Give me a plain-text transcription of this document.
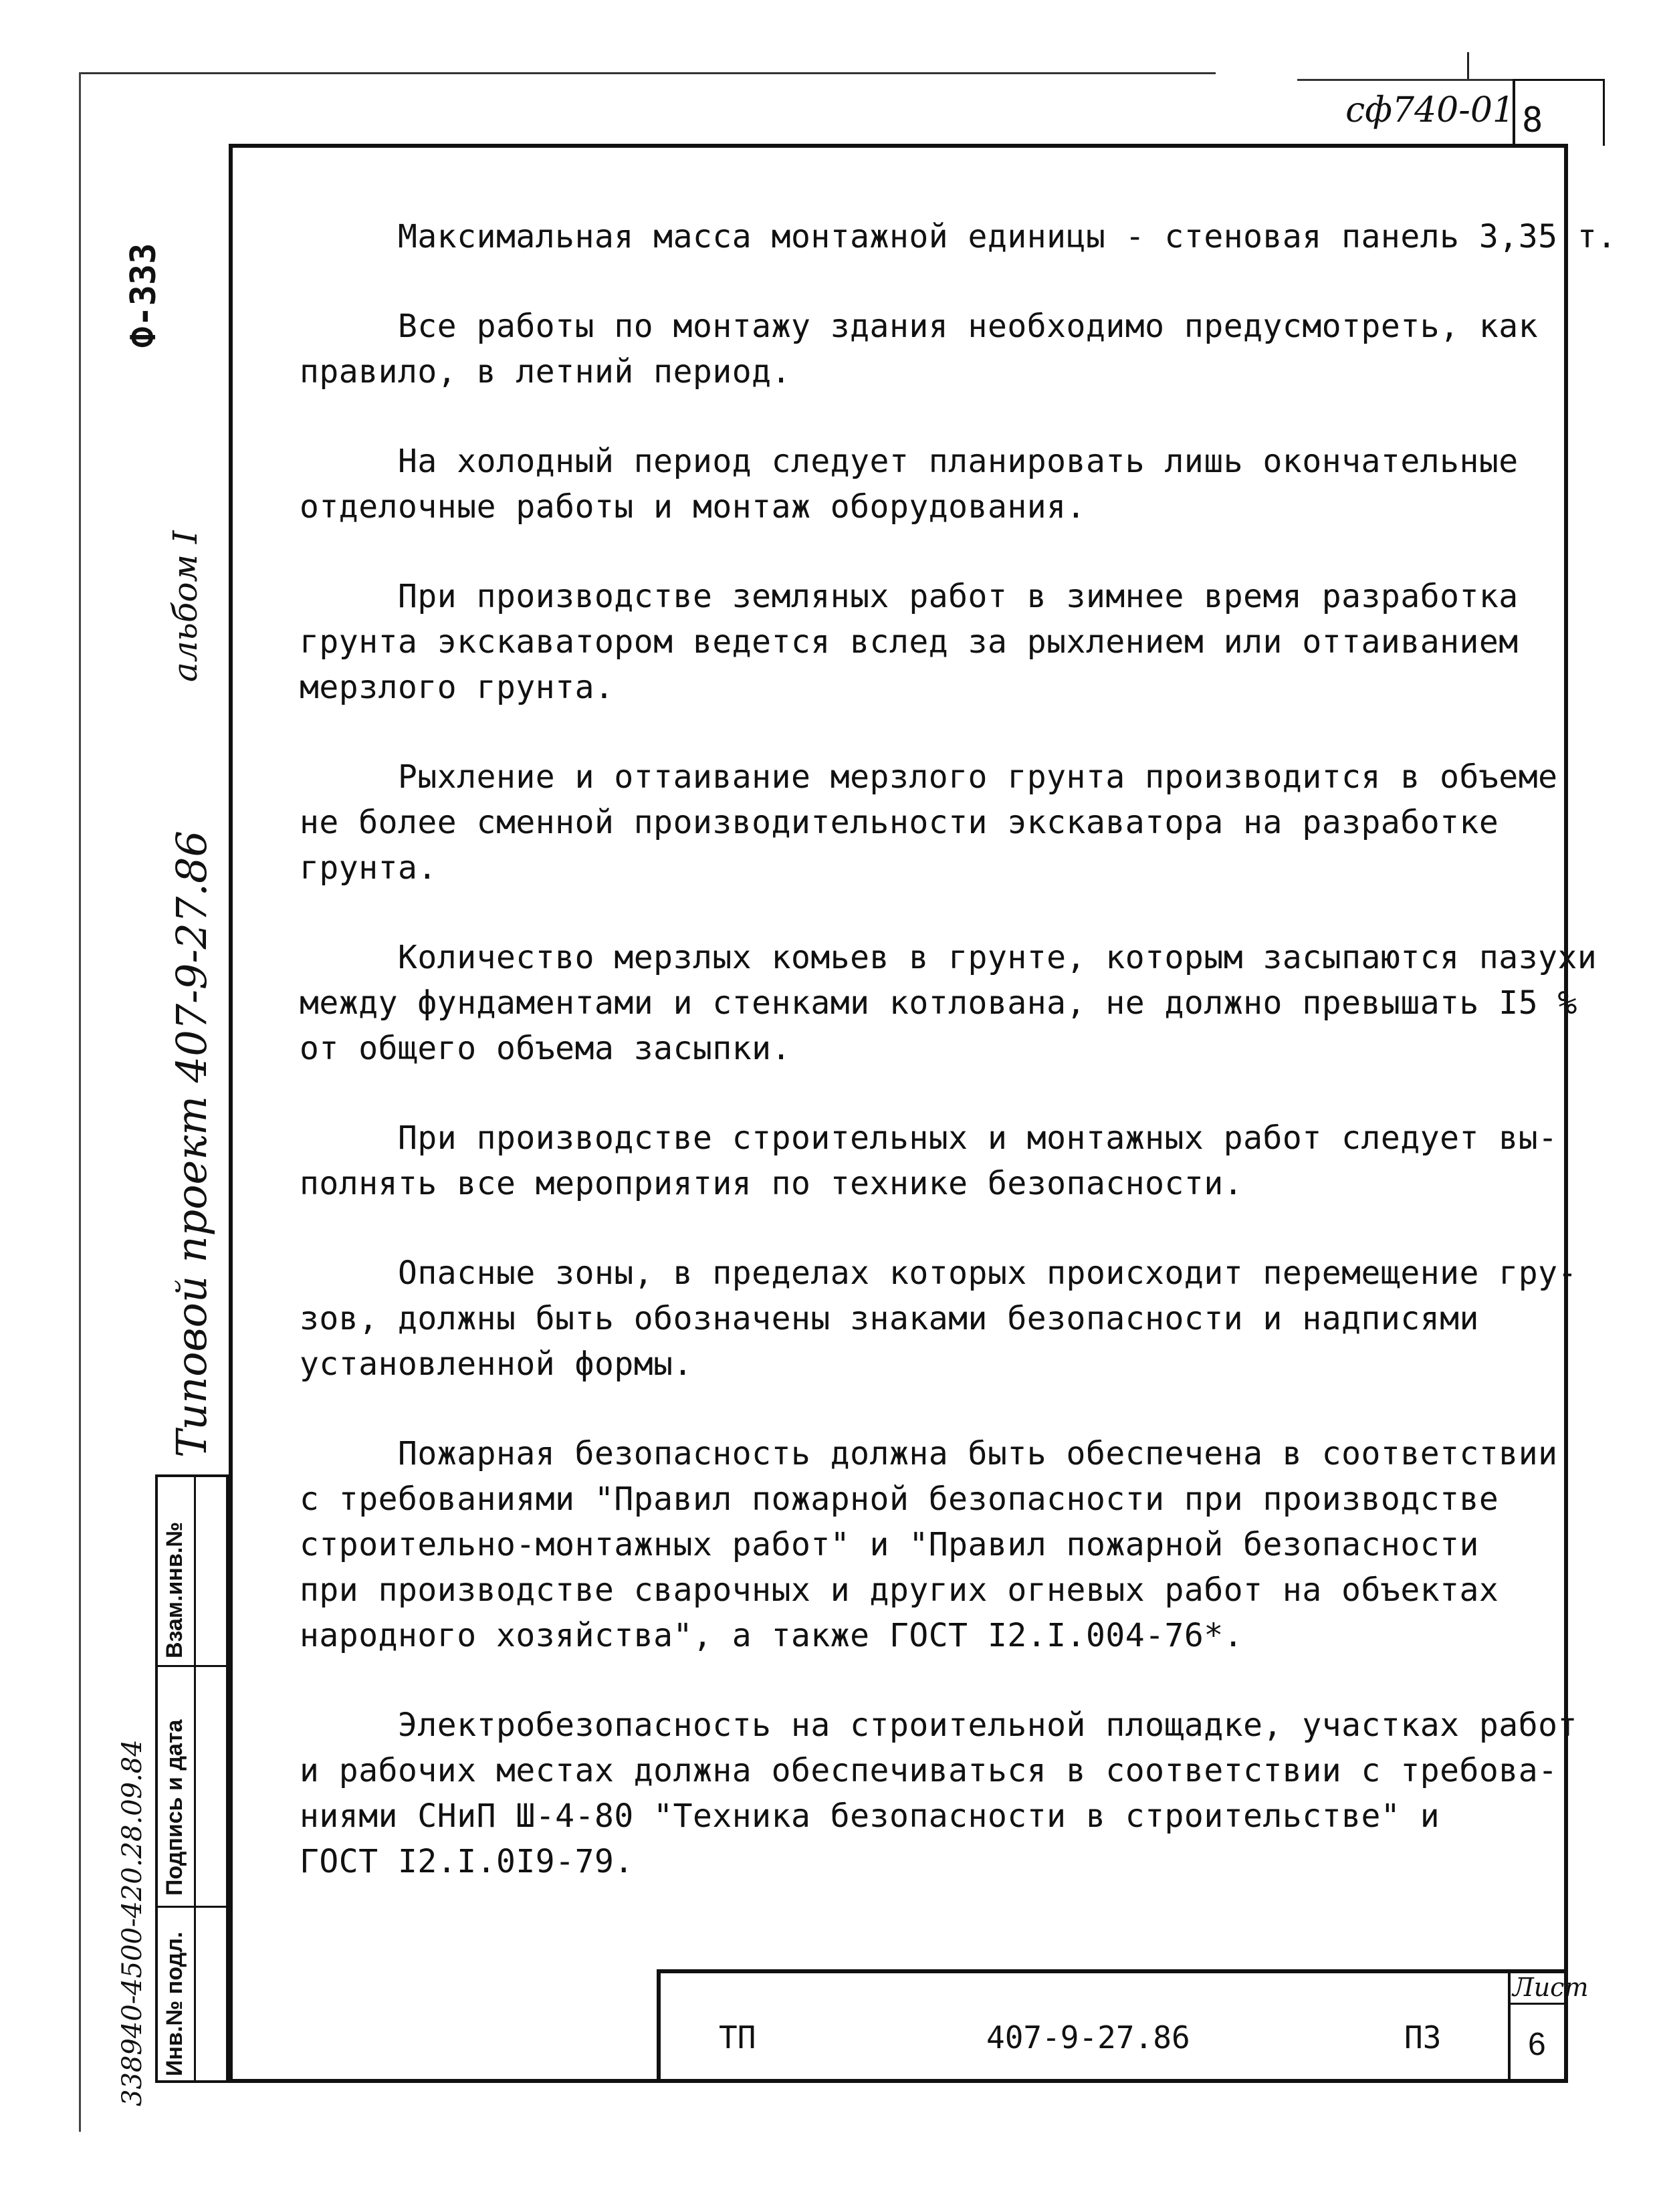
сф740-01 8
Ф-333
альбом I
Типовой проект 407-9-27.86
338940-4500-420.28.09.84
Взам.инв.№
Подпись и дата
Инв.№ подл.

Максимальная масса монтажной единицы - стеновая панель 3,35 т.

Все работы по монтажу здания необходимо предусмотреть, как
правило, в летний период.

На холодный период следует планировать лишь окончательные
отделочные работы и монтаж оборудования.

При производстве земляных работ в зимнее время разработка
грунта экскаватором ведется вслед за рыхлением или оттаиванием
мерзлого грунта.

Рыхление и оттаивание мерзлого грунта производится в объеме
не более сменной производительности экскаватора на разработке
грунта.

Количество мерзлых комьев в грунте, которым засыпаются пазухи
между фундаментами и стенками котлована, не должно превышать I5 %
от общего объема засыпки.

При производстве строительных и монтажных работ следует вы-
полнять все мероприятия по технике безопасности.

Опасные зоны, в пределах которых происходит перемещение гру-
зов, должны быть обозначены знаками безопасности и надписями
установленной формы.

Пожарная безопасность должна быть обеспечена в соответствии
с требованиями "Правил пожарной безопасности при производстве
строительно-монтажных работ" и "Правил пожарной безопасности
при производстве сварочных и других огневых работ на объектах
народного хозяйства", а также ГОСТ I2.I.004-76*.

Электробезопасность на строительной площадке, участках работ
и рабочих местах должна обеспечиваться в соответствии с требова-
ниями СНиП Ш-4-80 "Техника безопасности в строительстве" и
ГОСТ I2.I.0I9-79.

ТП	407-9-27.86	ПЗ
Лист
6
